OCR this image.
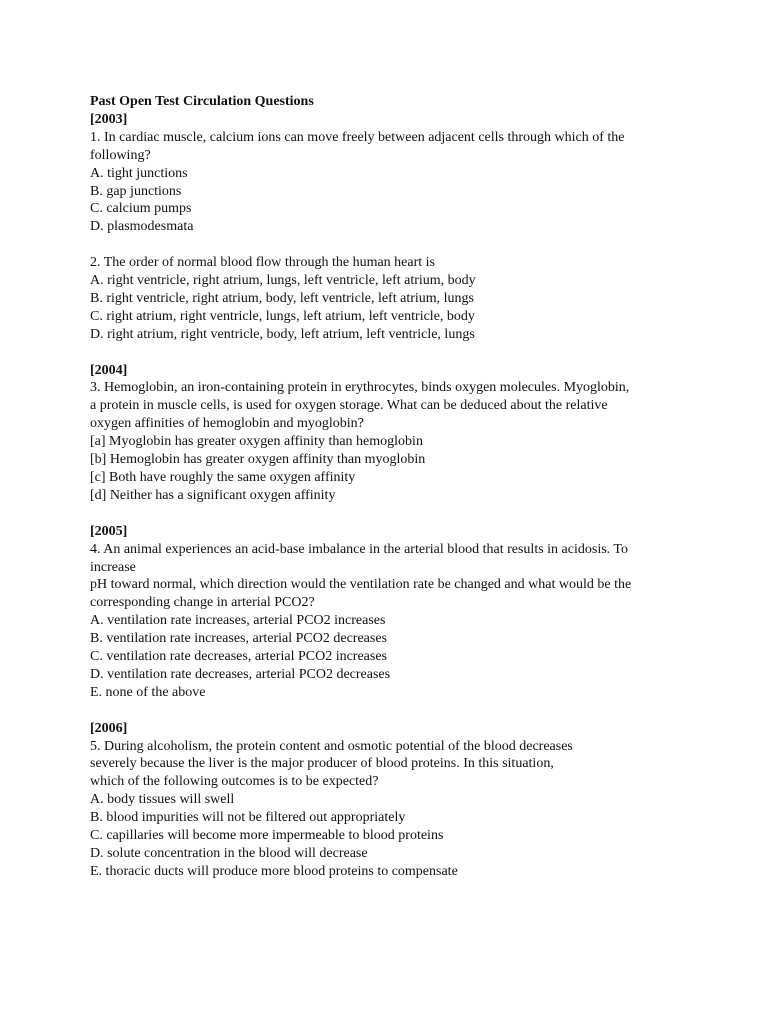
Past Open Test Circulation Questions
[2003]
1. In cardiac muscle, calcium ions can move freely between adjacent cells through which of the
following?
A. tight junctions
B. gap junctions
C. calcium pumps
D. plasmodesmata
2. The order of normal blood flow through the human heart is
A. right ventricle, right atrium, lungs, left ventricle, left atrium, body
B. right ventricle, right atrium, body, left ventricle, left atrium, lungs
C. right atrium, right ventricle, lungs, left atrium, left ventricle, body
D. right atrium, right ventricle, body, left atrium, left ventricle, lungs
[2004]
3. Hemoglobin, an iron-containing protein in erythrocytes, binds oxygen molecules. Myoglobin,
a protein in muscle cells, is used for oxygen storage. What can be deduced about the relative
oxygen affinities of hemoglobin and myoglobin?
[a] Myoglobin has greater oxygen affinity than hemoglobin
[b] Hemoglobin has greater oxygen affinity than myoglobin
[c] Both have roughly the same oxygen affinity
[d] Neither has a significant oxygen affinity
[2005]
4. An animal experiences an acid-base imbalance in the arterial blood that results in acidosis. To
increase
pH toward normal, which direction would the ventilation rate be changed and what would be the
corresponding change in arterial PCO2?
A. ventilation rate increases, arterial PCO2 increases
B. ventilation rate increases, arterial PCO2 decreases
C. ventilation rate decreases, arterial PCO2 increases
D. ventilation rate decreases, arterial PCO2 decreases
E. none of the above
[2006]
5. During alcoholism, the protein content and osmotic potential of the blood decreases
severely because the liver is the major producer of blood proteins. In this situation,
which of the following outcomes is to be expected?
A. body tissues will swell
B. blood impurities will not be filtered out appropriately
C. capillaries will become more impermeable to blood proteins
D. solute concentration in the blood will decrease
E. thoracic ducts will produce more blood proteins to compensate
